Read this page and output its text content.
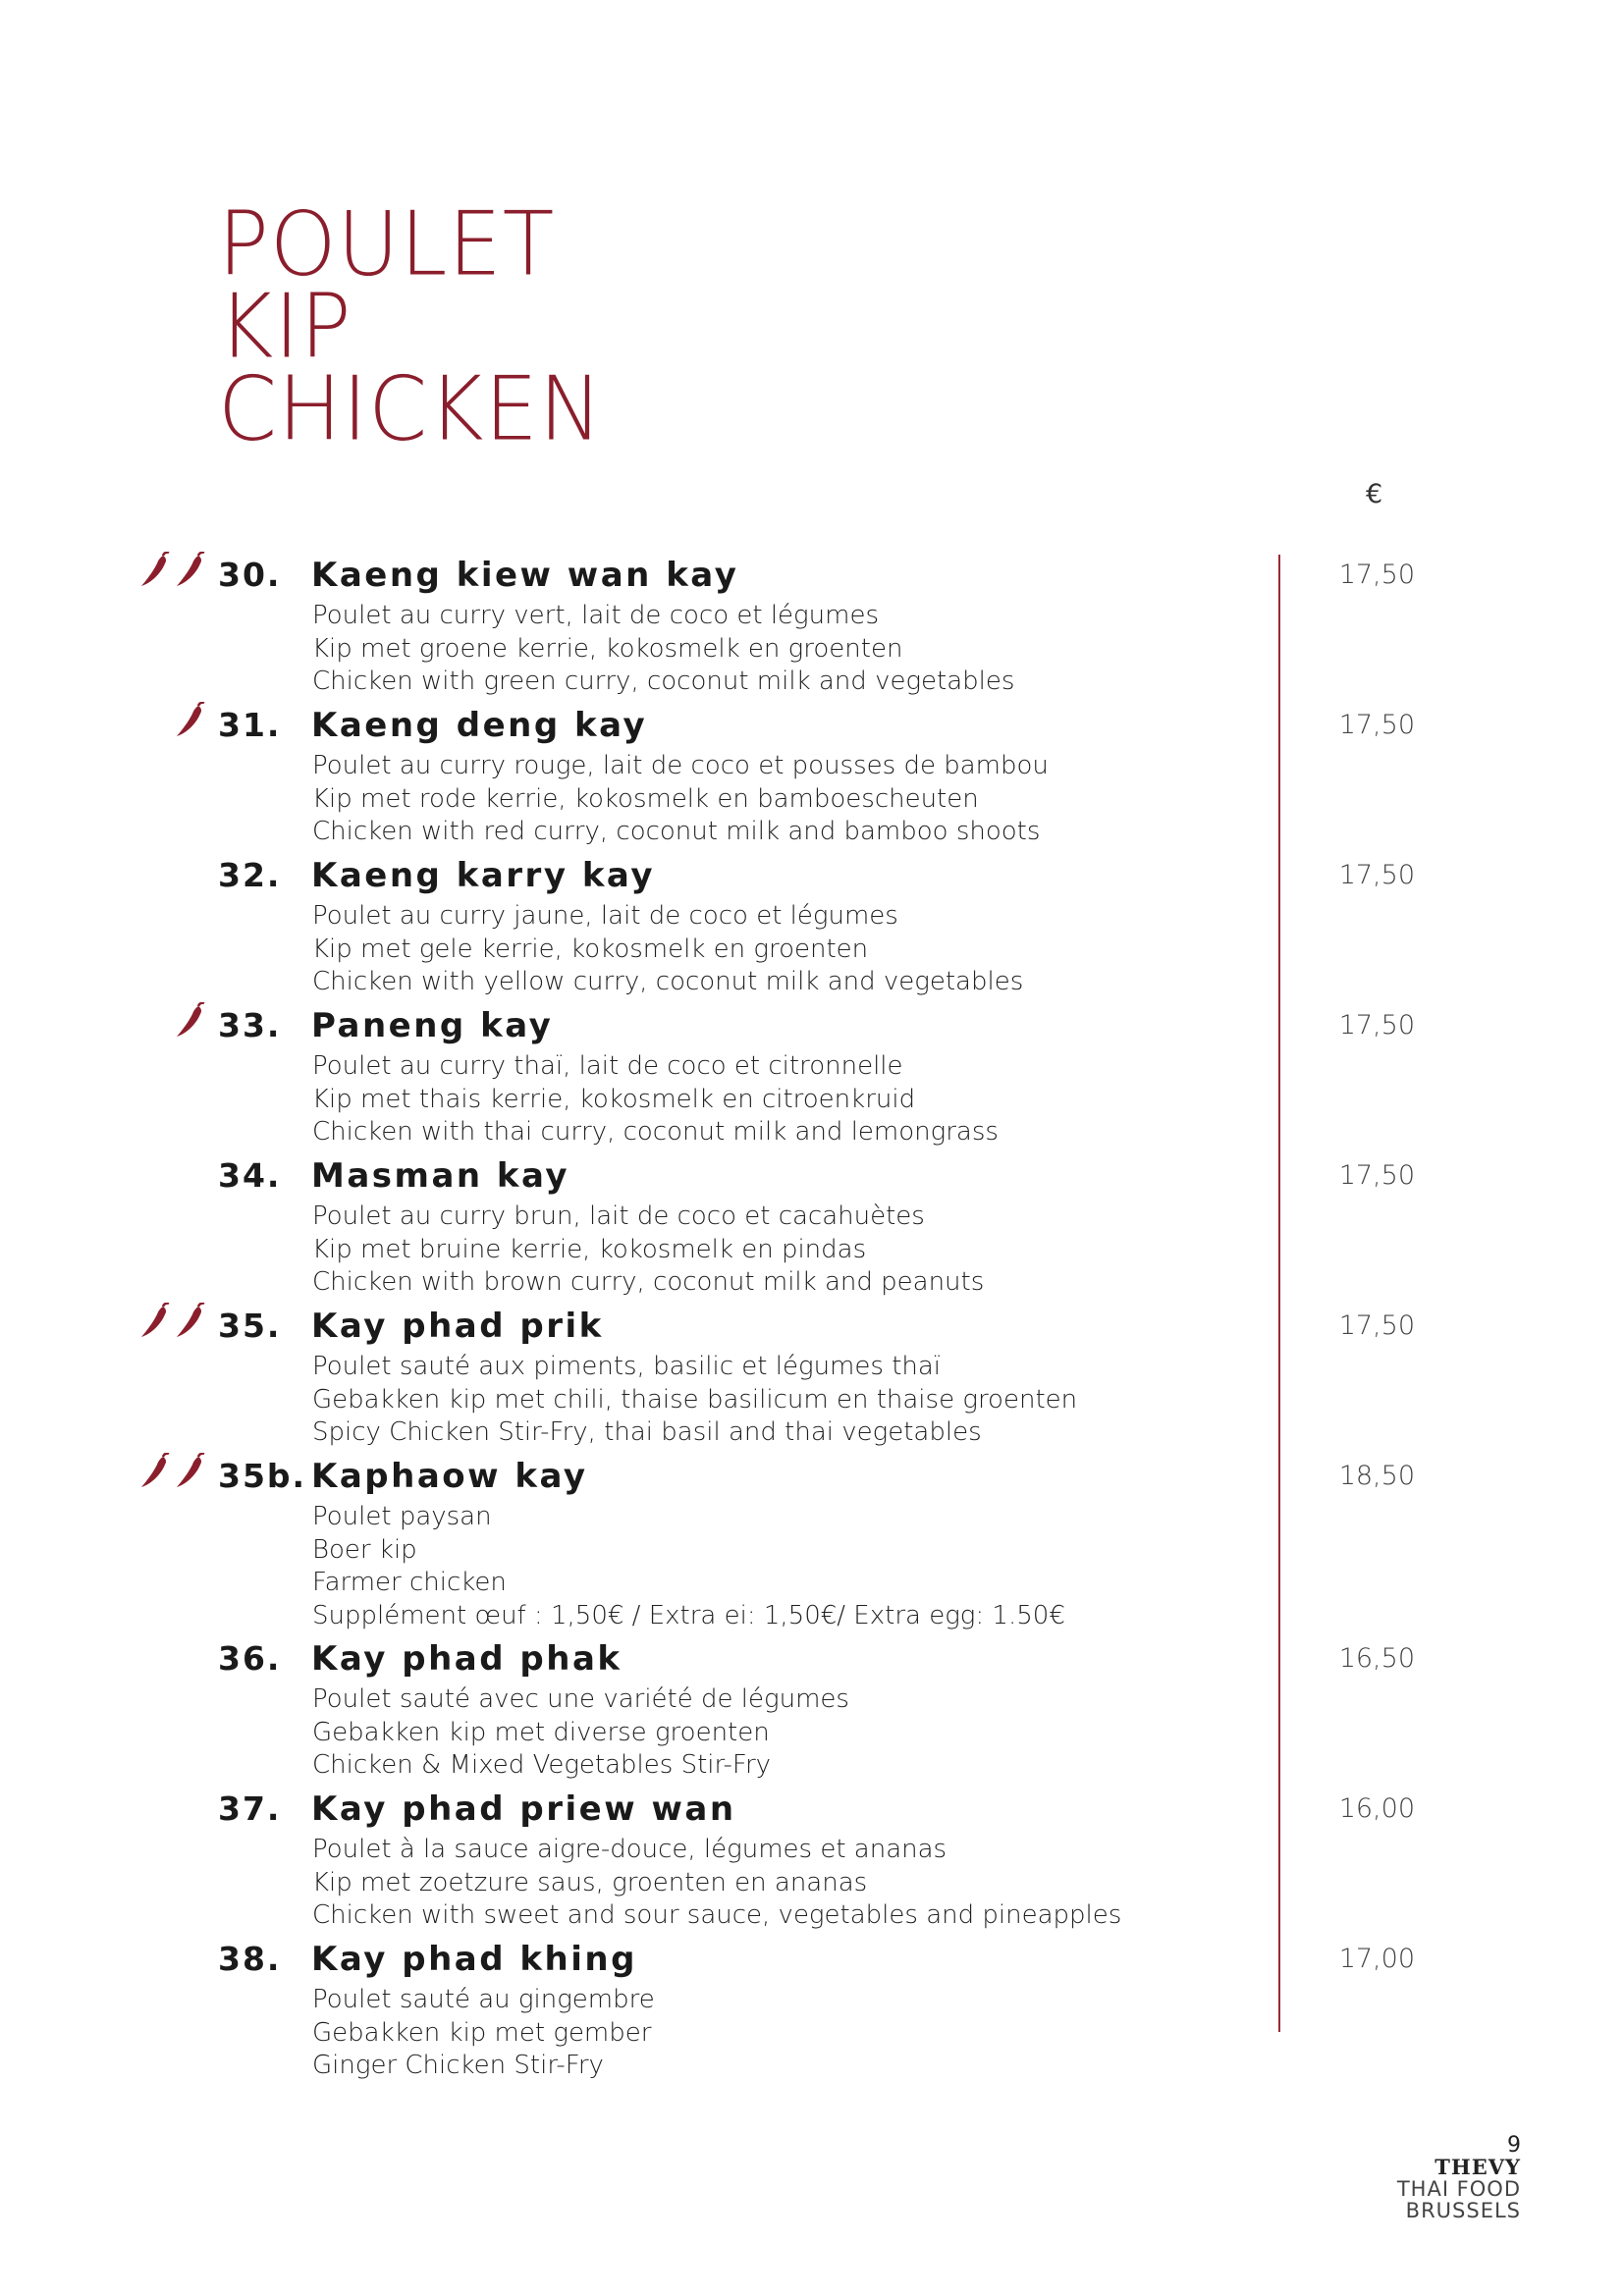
POULET
KIP
CHICKEN
€
30. Kaeng kiew wan kay
Poulet au curry vert, lait de coco et légumes
Kip met groene kerrie, kokosmelk en groenten
Chicken with green curry, coconut milk and vegetables
17,50
31. Kaeng deng kay
Poulet au curry rouge, lait de coco et pousses de bambou
Kip met rode kerrie, kokosmelk en bamboescheuten
Chicken with red curry, coconut milk and bamboo shoots
17,50
32. Kaeng karry kay
Poulet au curry jaune, lait de coco et légumes
Kip met gele kerrie, kokosmelk en groenten
Chicken with yellow curry, coconut milk and vegetables
17,50
33. Paneng kay
Poulet au curry thaï, lait de coco et citronnelle
Kip met thais kerrie, kokosmelk en citroenkruid
Chicken with thai curry, coconut milk and lemongrass
17,50
34. Masman kay
Poulet au curry brun, lait de coco et cacahuètes
Kip met bruine kerrie, kokosmelk en pindas
Chicken with brown curry, coconut milk and peanuts
17,50
35. Kay phad prik
Poulet sauté aux piments, basilic et légumes thaï
Gebakken kip met chili, thaise basilicum en thaise groenten
Spicy Chicken Stir-Fry, thai basil and thai vegetables
17,50
35b. Kaphaow kay
Poulet paysan
Boer kip
Farmer chicken
Supplément œuf : 1,50€ / Extra ei: 1,50€/ Extra egg: 1.50€
18,50
36. Kay phad phak
Poulet sauté avec une variété de légumes
Gebakken kip met diverse groenten
Chicken & Mixed Vegetables Stir-Fry
16,50
37. Kay phad priew wan
Poulet à la sauce aigre-douce, légumes et ananas
Kip met zoetzure saus, groenten en ananas
Chicken with sweet and sour sauce, vegetables and pineapples
16,00
38. Kay phad khing
Poulet sauté au gingembre
Gebakken kip met gember
Ginger Chicken Stir-Fry
17,00
9
THEVY
THAI FOOD
BRUSSELS
